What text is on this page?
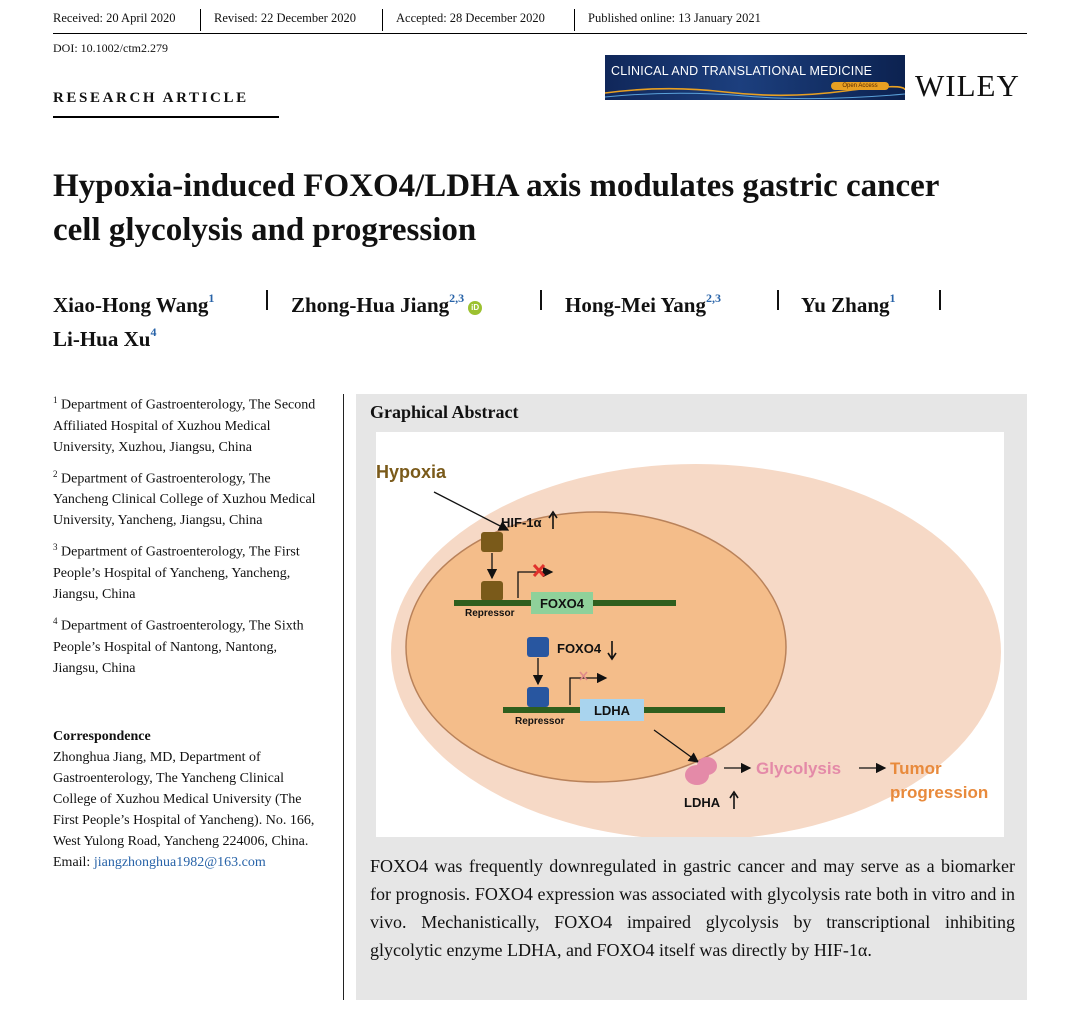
Received: 20 April 2020	Revised: 22 December 2020	Accepted: 28 December 2020	Published online: 13 January 2021
DOI: 10.1002/ctm2.279
RESEARCH ARTICLE
CLINICAL AND TRANSLATIONAL MEDICINE
Open Access	WILEY
Hypoxia-induced FOXO4/LDHA axis modulates gastric cancer cell glycolysis and progression
Xiao-Hong Wang$^1$	Zhong-Hua Jiang$^{2,3}$iD	Hong-Mei Yang$^{2,3}$	Yu Zhang$^1$
Li-Hua Xu$^4$
$^1$ Department of Gastroenterology, The Second Affiliated Hospital of Xuzhou Medical University, Xuzhou, Jiangsu, China
$^2$ Department of Gastroenterology, The Yancheng Clinical College of Xuzhou Medical University, Yancheng, Jiangsu, China
$^3$ Department of Gastroenterology, The First People’s Hospital of Yancheng, Yancheng, Jiangsu, China
$^4$ Department of Gastroenterology, The Sixth People’s Hospital of Nantong, Nantong, Jiangsu, China
Correspondence
Zhonghua Jiang, MD, Department of Gastroenterology, The Yancheng Clinical College of Xuzhou Medical University (The First People’s Hospital of Yancheng). No. 166, West Yulong Road, Yancheng 224006, China.
Email: jiangzhonghua1982@163.com
Graphical Abstract
Hypoxia
HIF-1α
FOXO4
Repressor
FOXO4
LDHA
Repressor
LDHA
Glycolysis	Tumor
progression
FOXO4 was frequently downregulated in gastric cancer and may serve as a biomarker for prognosis. FOXO4 expression was associated with glycolysis rate both in vitro and in vivo. Mechanistically, FOXO4 impaired glycolysis by transcriptional inhibiting glycolytic enzyme LDHA, and FOXO4 itself was directly by HIF-1α.
